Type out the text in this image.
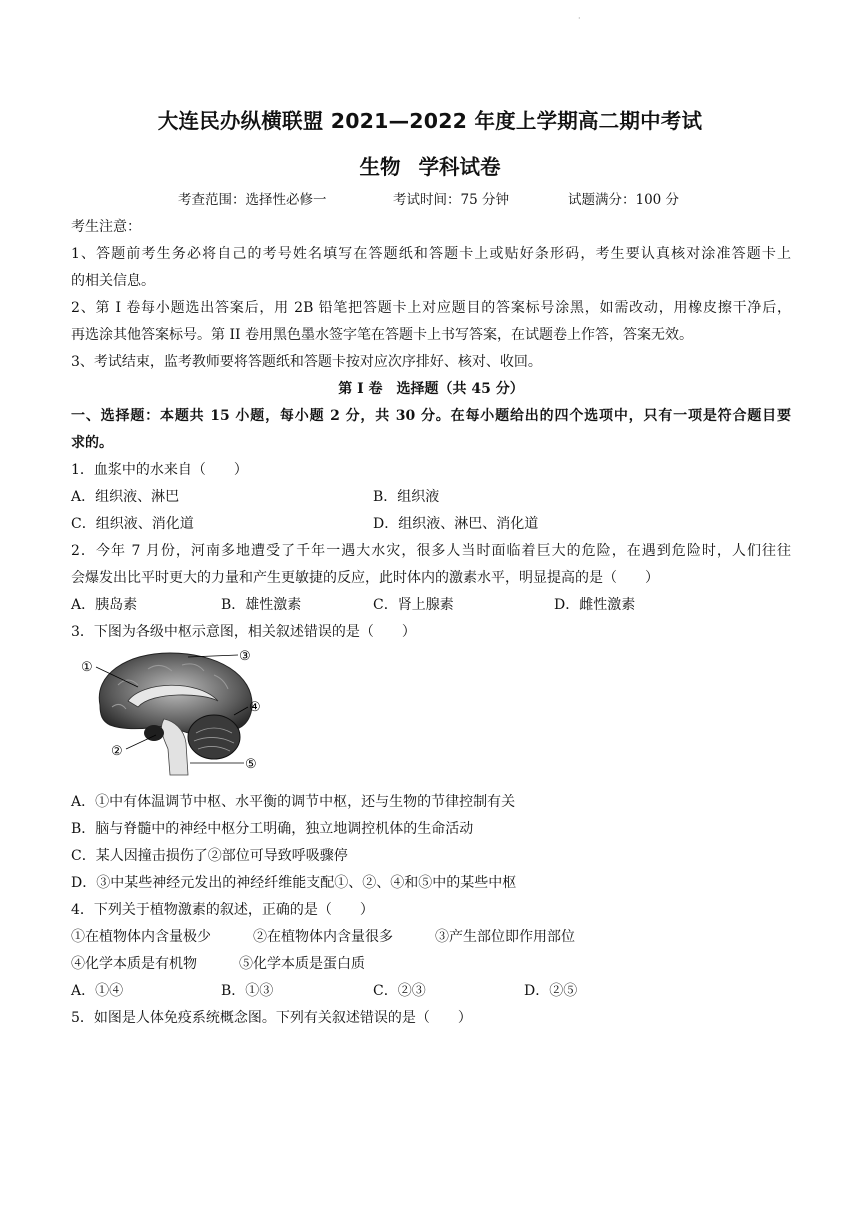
·
大连民办纵横联盟 2021—2022 年度上学期高二期中考试
生物 学科试卷
考查范围：选择性必修一	考试时间：75 分钟	试题满分：100 分
考生注意：
1、答题前考生务必将自己的考号姓名填写在答题纸和答题卡上或贴好条形码，考生要认真核对涂准答题卡上
的相关信息。
2、第 I 卷每小题选出答案后，用 2B 铅笔把答题卡上对应题目的答案标号涂黑，如需改动，用橡皮擦干净后，
再选涂其他答案标号。第 II 卷用黑色墨水签字笔在答题卡上书写答案，在试题卷上作答，答案无效。
3、考试结束，监考教师要将答题纸和答题卡按对应次序排好、核对、收回。
第 I 卷　选择题（共 45 分）
一、选择题：本题共 15 小题，每小题 2 分，共 30 分。在每小题给出的四个选项中，只有一项是符合题目要
求的。
1．血浆中的水来自（　　）
A．组织液、淋巴	B．组织液
C．组织液、消化道	D．组织液、淋巴、消化道
2．今年 7 月份，河南多地遭受了千年一遇大水灾，很多人当时面临着巨大的危险，在遇到危险时，人们往往
会爆发出比平时更大的力量和产生更敏捷的反应，此时体内的激素水平，明显提高的是（　　）
A．胰岛素	B．雄性激素	C．肾上腺素	D．雌性激素
3．下图为各级中枢示意图，相关叙述错误的是（　　）
A．①中有体温调节中枢、水平衡的调节中枢，还与生物的节律控制有关
B．脑与脊髓中的神经中枢分工明确，独立地调控机体的生命活动
C．某人因撞击损伤了②部位可导致呼吸骤停
D．③中某些神经元发出的神经纤维能支配①、②、④和⑤中的某些中枢
4．下列关于植物激素的叙述，正确的是（　　）
①在植物体内含量极少	②在植物体内含量很多	③产生部位即作用部位
④化学本质是有机物	⑤化学本质是蛋白质
A．①④	B．①③	C．②③	D．②⑤
5．如图是人体免疫系统概念图。下列有关叙述错误的是（　　）
①
②
③
④
⑤
